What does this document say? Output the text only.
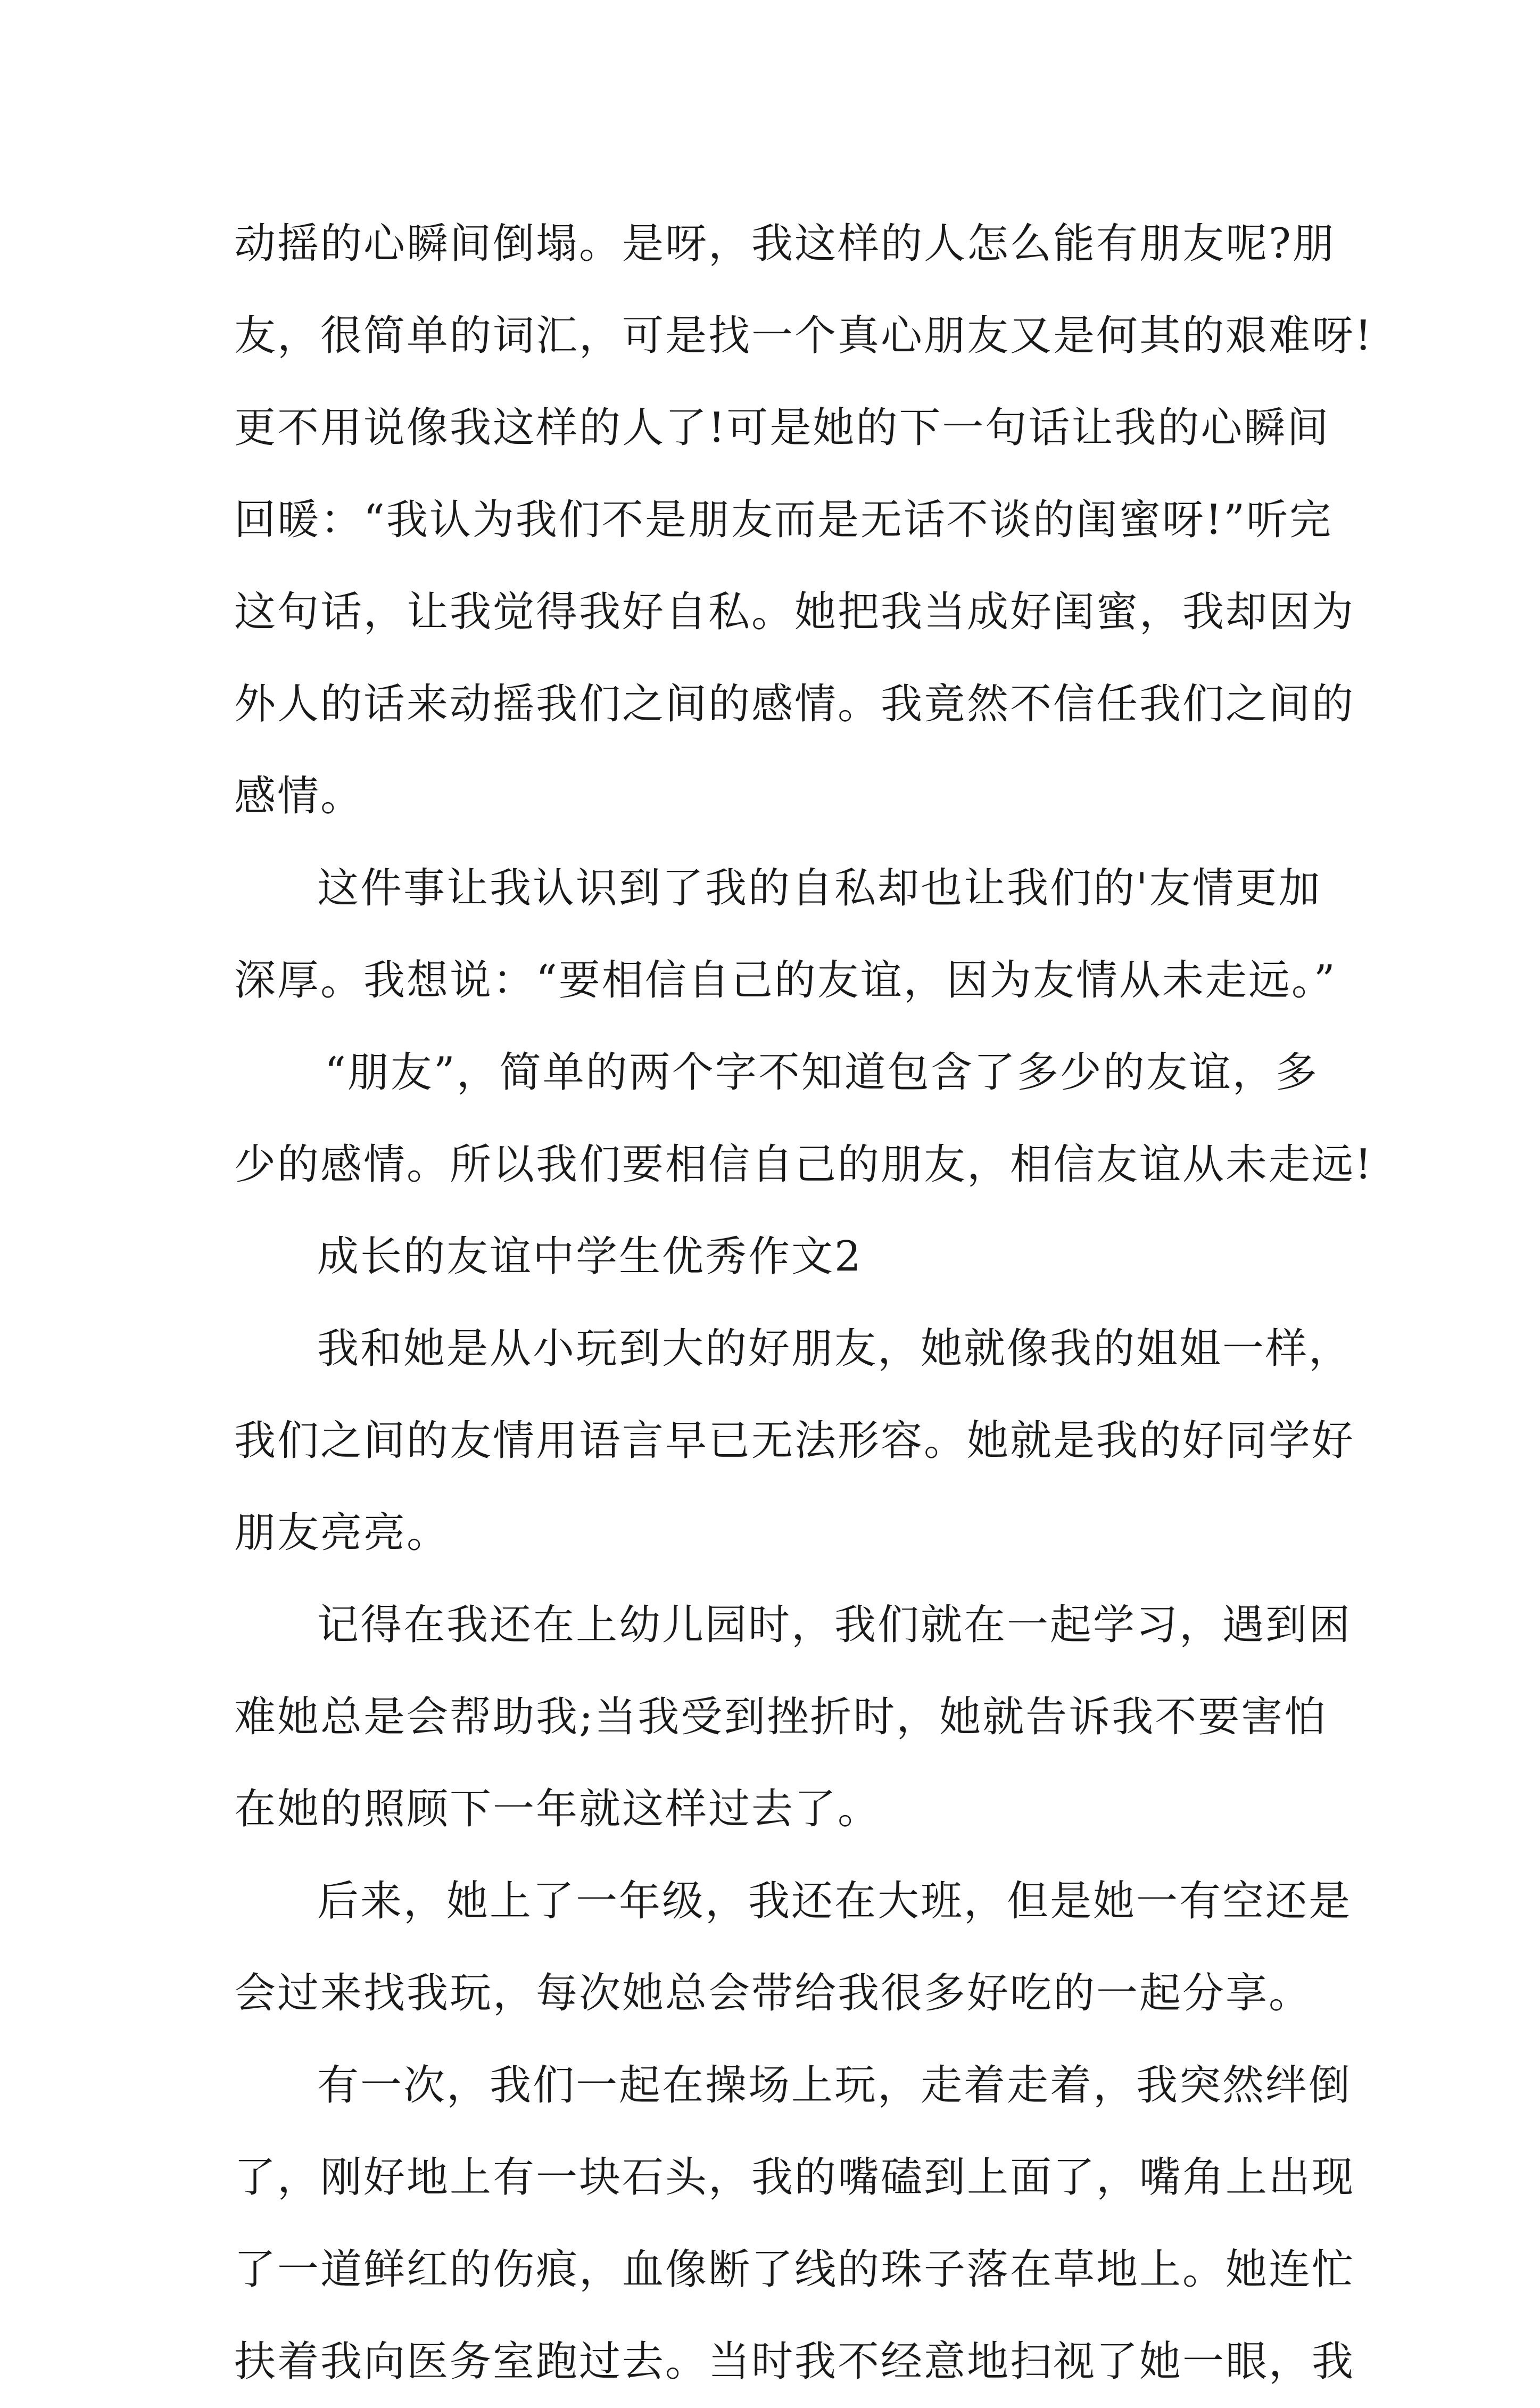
动摇的心瞬间倒塌。是呀，我这样的人怎么能有朋友呢?朋
友，很简单的词汇，可是找一个真心朋友又是何其的艰难呀!
更不用说像我这样的人了!可是她的下一句话让我的心瞬间
回暖：“我认为我们不是朋友而是无话不谈的闺蜜呀!”听完
这句话，让我觉得我好自私。她把我当成好闺蜜，我却因为
外人的话来动摇我们之间的感情。我竟然不信任我们之间的
感情。
这件事让我认识到了我的自私却也让我们的'友情更加
深厚。我想说：“要相信自己的友谊，因为友情从未走远。”
“朋友”，简单的两个字不知道包含了多少的友谊，多
少的感情。所以我们要相信自己的朋友，相信友谊从未走远!
成长的友谊中学生优秀作文2
我和她是从小玩到大的好朋友，她就像我的姐姐一样，
我们之间的友情用语言早已无法形容。她就是我的好同学好
朋友亮亮。
记得在我还在上幼儿园时，我们就在一起学习，遇到困
难她总是会帮助我;当我受到挫折时，她就告诉我不要害怕
在她的照顾下一年就这样过去了。
后来，她上了一年级，我还在大班，但是她一有空还是
会过来找我玩，每次她总会带给我很多好吃的一起分享。
有一次，我们一起在操场上玩，走着走着，我突然绊倒
了，刚好地上有一块石头，我的嘴磕到上面了，嘴角上出现
了一道鲜红的伤痕，血像断了线的珠子落在草地上。她连忙
扶着我向医务室跑过去。当时我不经意地扫视了她一眼，我
